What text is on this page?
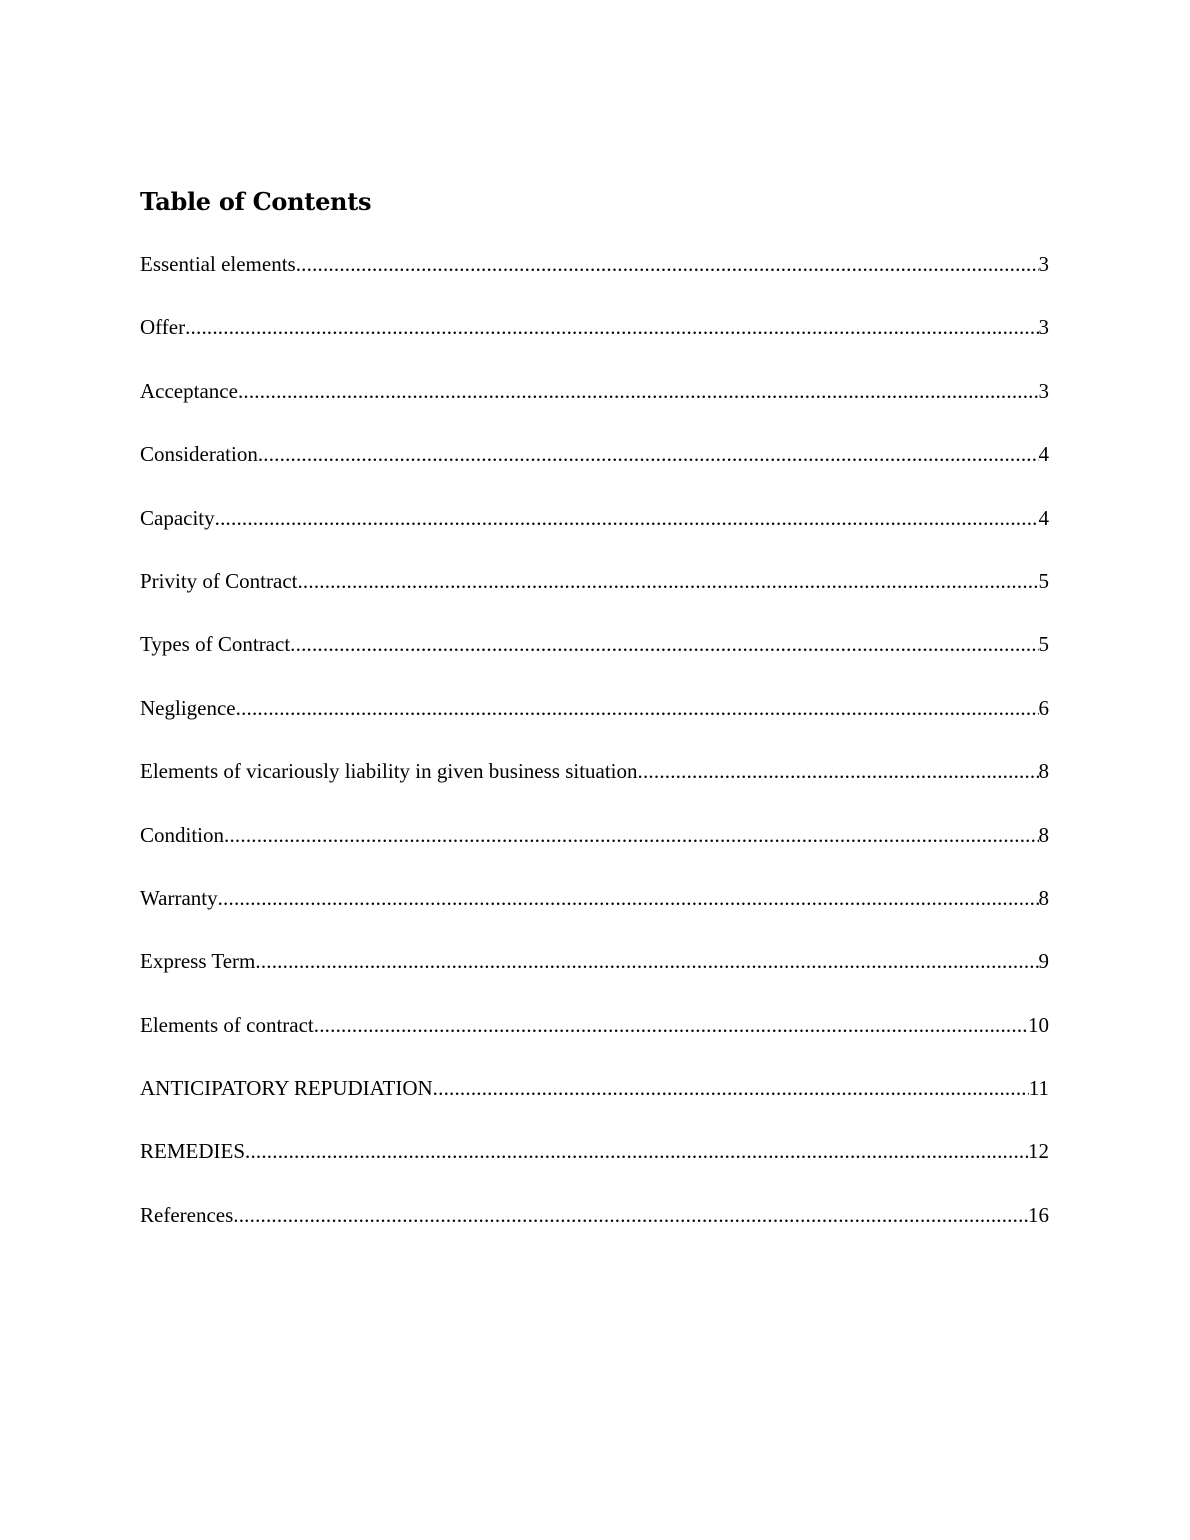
Table of Contents
Essential elements .....	3
Offer .....	3
Acceptance .....	3
Consideration .....	4
Capacity .....	4
Privity of Contract .....	5
Types of Contract .....	5
Negligence .....	6
Elements of vicariously liability in given business situation .....	8
Condition .....	8
Warranty .....	8
Express Term .....	9
Elements of contract .....	10
ANTICIPATORY REPUDIATION .....	11
REMEDIES .....	12
References .....	16
